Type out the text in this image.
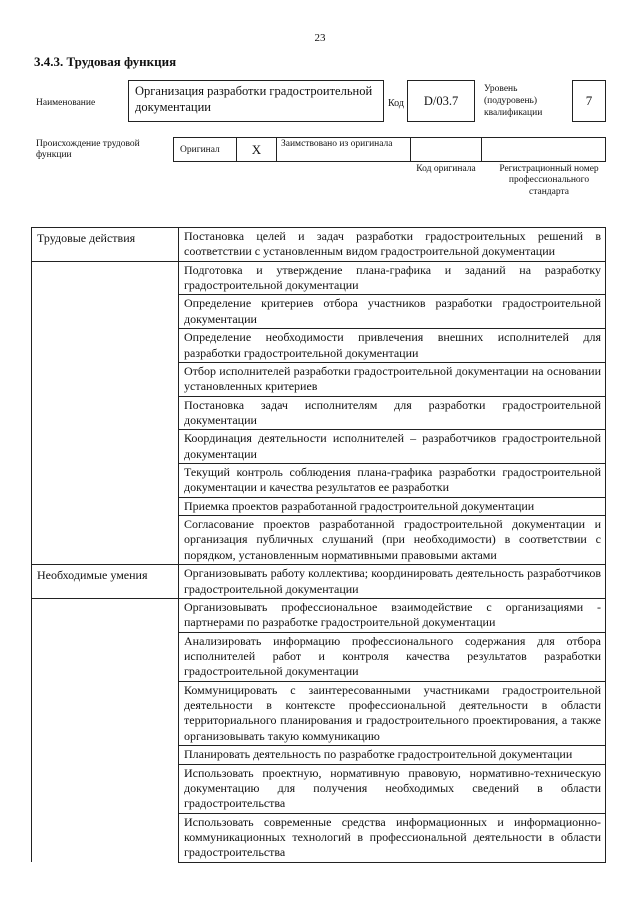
23
3.4.3. Трудовая функция
Наименование
Организация разработки градостроительной документации	Код	D/03.7
Уровень (подуровень) квалификации
7
Происхождение трудовой функции
Оригинал	X	Заимствовано из оригинала
Код оригинала	Регистрационный номер профессионального стандарта
Трудовые действия	Постановка целей и задач разработки градостроительных решений в соответствии с установленным видом градостроительной документации
	Подготовка и утверждение плана-графика и заданий на разработку градостроительной документации
	Определение критериев отбора участников разработки градостроительной документации
	Определение необходимости привлечения внешних исполнителей для разработки градостроительной документации
	Отбор исполнителей разработки градостроительной документации на основании установленных критериев
	Постановка задач исполнителям для разработки градостроительной документации
	Координация деятельности исполнителей – разработчиков градостроительной документации
	Текущий контроль соблюдения плана-графика разработки градостроительной документации и качества результатов ее разработки
	Приемка проектов разработанной градостроительной документации
	Согласование проектов разработанной градостроительной документации и организация публичных слушаний (при необходимости) в соответствии с порядком, установленным нормативными правовыми актами
Необходимые умения	Организовывать работу коллектива; координировать деятельность разработчиков градостроительной документации
	Организовывать профессиональное взаимодействие с организациями - партнерами по разработке градостроительной документации
	Анализировать информацию профессионального содержания для отбора исполнителей работ и контроля качества результатов разработки градостроительной документации
	Коммуницировать с заинтересованными участниками градостроительной деятельности в контексте профессиональной деятельности в области территориального планирования и градостроительного проектирования, а также организовывать такую коммуникацию
	Планировать деятельность по разработке градостроительной документации
	Использовать проектную, нормативную правовую, нормативно-техническую документацию для получения необходимых сведений в области градостроительства
	Использовать современные средства информационных и информационно-коммуникационных технологий в профессиональной деятельности в области градостроительства
